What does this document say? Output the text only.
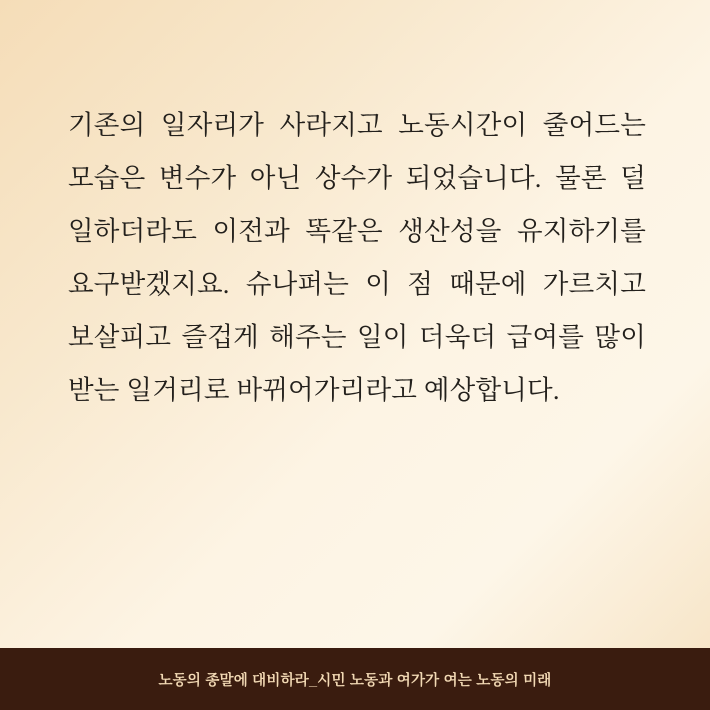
기존의 일자리가 사라지고 노동시간이 줄어드는 모습은 변수가 아닌 상수가 되었습니다. 물론 덜 일하더라도 이전과 똑같은 생산성을 유지하기를 요구받겠지요. 슈나퍼는 이 점 때문에 가르치고 보살피고 즐겁게 해주는 일이 더욱더 급여를 많이 받는 일거리로 바뀌어가리라고 예상합니다.

노동의 종말에 대비하라_시민 노동과 여가가 여는 노동의 미래
